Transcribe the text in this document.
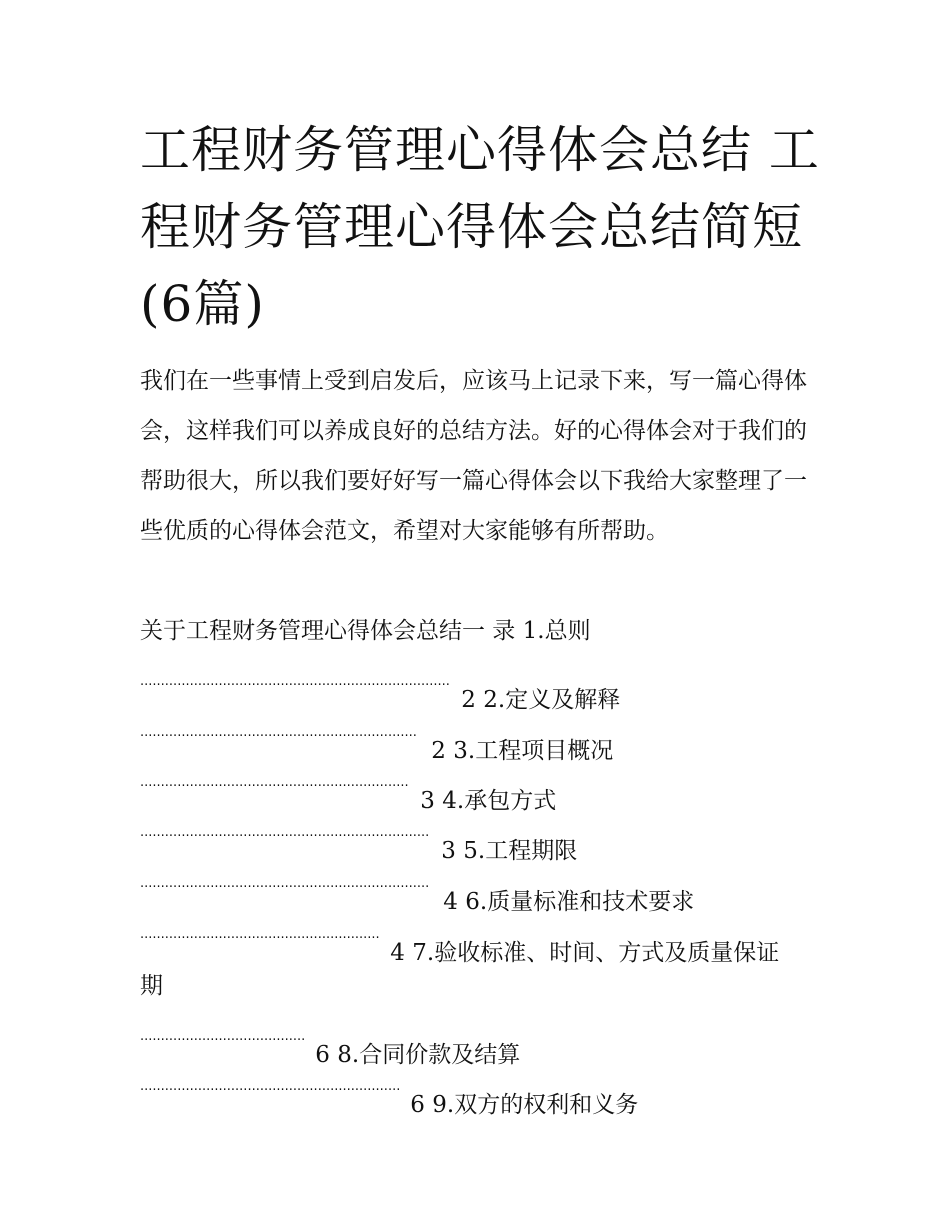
工程财务管理心得体会总结 工程财务管理心得体会总结简短(6篇)

我们在一些事情上受到启发后，应该马上记录下来，写一篇心得体会，这样我们可以养成良好的总结方法。好的心得体会对于我们的帮助很大，所以我们要好好写一篇心得体会以下我给大家整理了一些优质的心得体会范文，希望对大家能够有所帮助。

关于工程财务管理心得体会总结一 录 1.总则

........................................................................... 2 2.定义及解释

................................................................... 2 3.工程项目概况

................................................................. 3 4.承包方式

...................................................................... 3 5.工程期限

...................................................................... 4 6.质量标准和技术要求

.......................................................... 4 7.验收标准、时间、方式及质量保证

期

........................................ 6 8.合同价款及结算

............................................................... 6 9.双方的权利和义务
